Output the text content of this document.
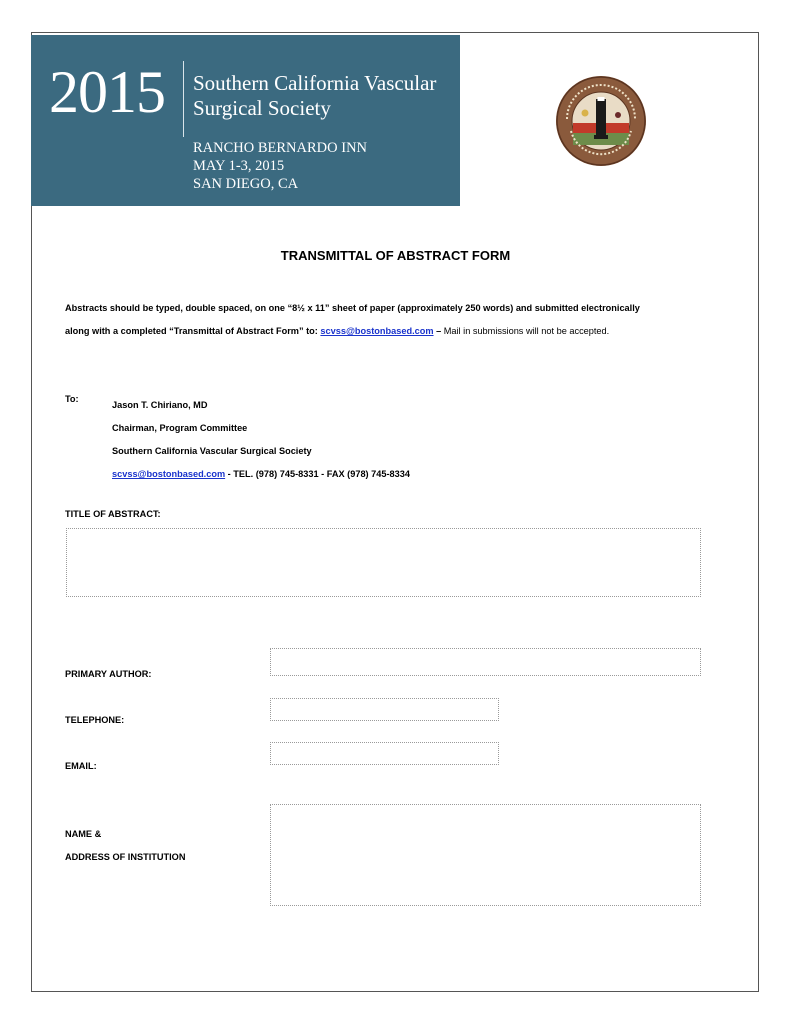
2015 Southern California Vascular
Surgical Society
RANCHO BERNARDO INN
MAY 1-3, 2015
SAN DIEGO, CA
TRANSMITTAL OF ABSTRACT FORM
Abstracts should be typed, double spaced, on one “8½ x 11” sheet of paper (approximately 250 words) and submitted electronically
along with a completed “Transmittal of Abstract Form” to: scvss@bostonbased.com – Mail in submissions will not be accepted.
To:
Jason T. Chiriano, MD
Chairman, Program Committee
Southern California Vascular Surgical Society
scvss@bostonbased.com - TEL. (978) 745-8331 - FAX (978) 745-8334
TITLE OF ABSTRACT:
PRIMARY AUTHOR:
TELEPHONE:
EMAIL:
NAME &
ADDRESS OF INSTITUTION
